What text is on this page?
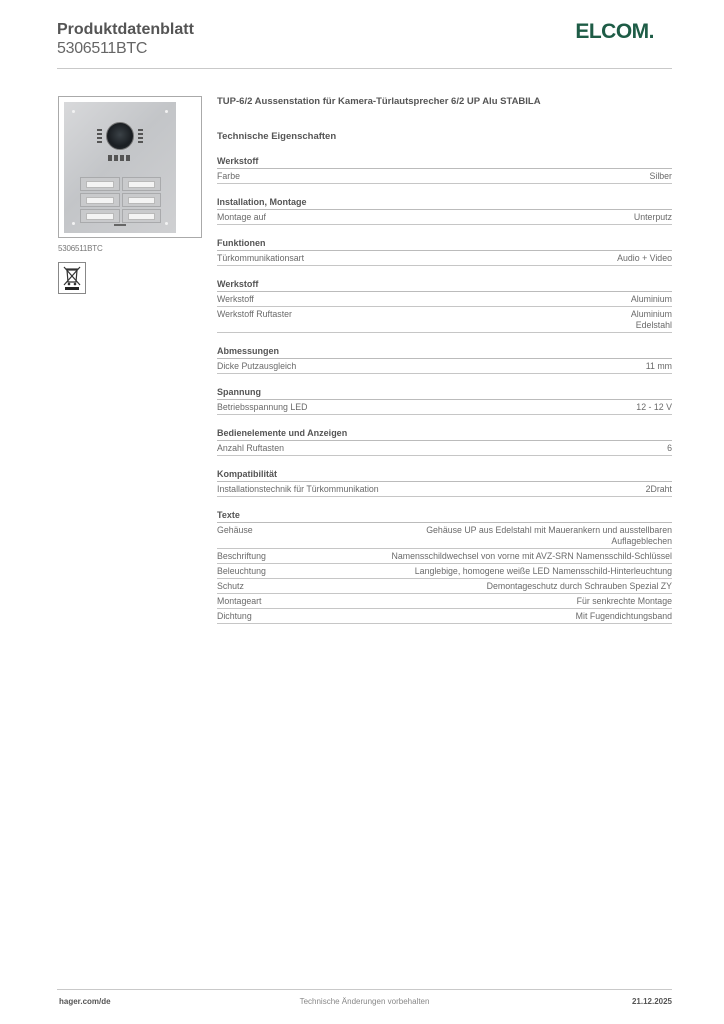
Produktdatenblatt
5306511BTC
ELCOM.
5306511BTC
TUP-6/2 Aussenstation für Kamera-Türlautsprecher 6/2 UP Alu STABILA
Technische Eigenschaften
Werkstoff
Farbe	Silber
Installation, Montage
Montage auf	Unterputz
Funktionen
Türkommunikationsart	Audio + Video
Werkstoff
Werkstoff	Aluminium
Werkstoff Ruftaster	Aluminium
Edelstahl
Abmessungen
Dicke Putzausgleich	11 mm
Spannung
Betriebsspannung LED	12 - 12 V
Bedienelemente und Anzeigen
Anzahl Ruftasten	6
Kompatibilität
Installationstechnik für Türkommunikation	2Draht
Texte
Gehäuse	Gehäuse UP aus Edelstahl mit Mauerankern und ausstellbaren Auflageblechen
Beschriftung	Namensschildwechsel von vorne mit AVZ-SRN Namensschild-Schlüssel
Beleuchtung	Langlebige, homogene weiße LED Namensschild-Hinterleuchtung
Schutz	Demontageschutz durch Schrauben Spezial ZY
Montageart	Für senkrechte Montage
Dichtung	Mit Fugendichtungsband
hager.com/de	Technische Änderungen vorbehalten	21.12.2025
